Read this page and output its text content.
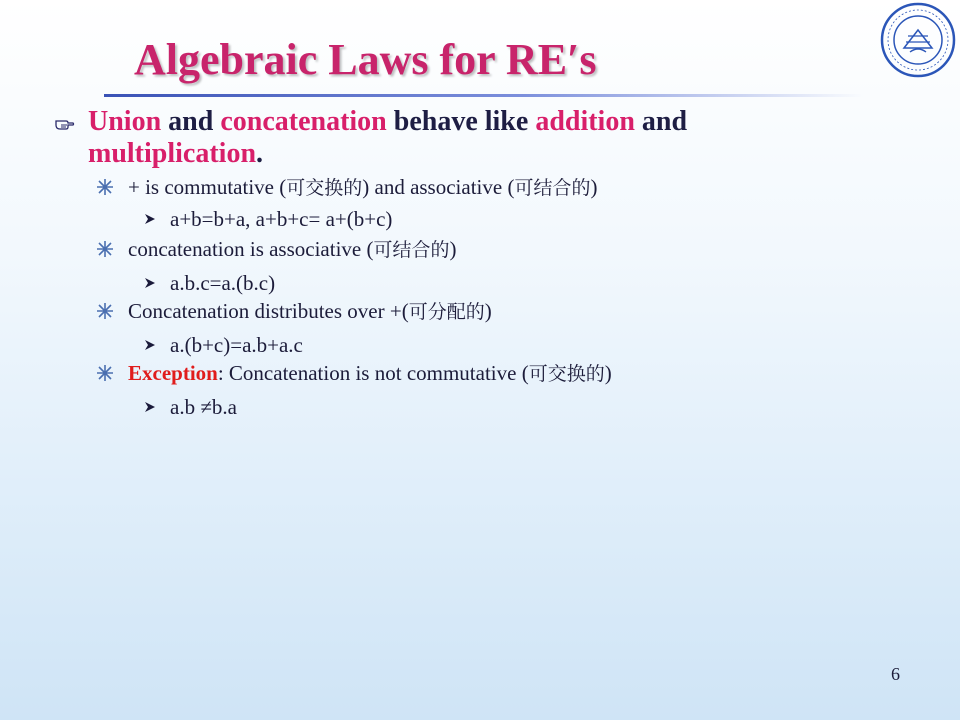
Algebraic Laws for RE′s
Union and concatenation behave like addition and
multiplication.
+ is commutative (可交换的) and associative (可结合的)
a+b=b+a, a+b+c= a+(b+c)
concatenation is associative (可结合的)
a.b.c=a.(b.c)
Concatenation distributes over +(可分配的)
a.(b+c)=a.b+a.c
Exception: Concatenation is not commutative (可交换的)
a.b ≠b.a
6
